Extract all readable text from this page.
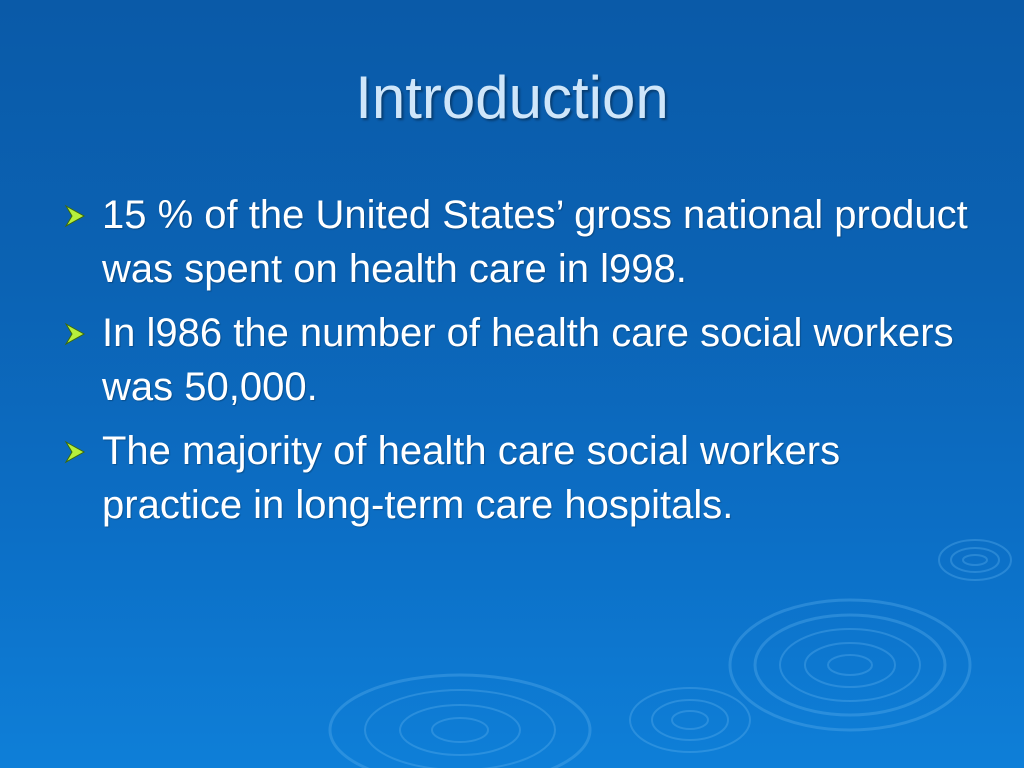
Introduction
15 % of the United States’ gross national product was spent on health care in l998.
In l986 the number of health care social workers was 50,000.
The majority of health care social workers practice in long-term care hospitals.
